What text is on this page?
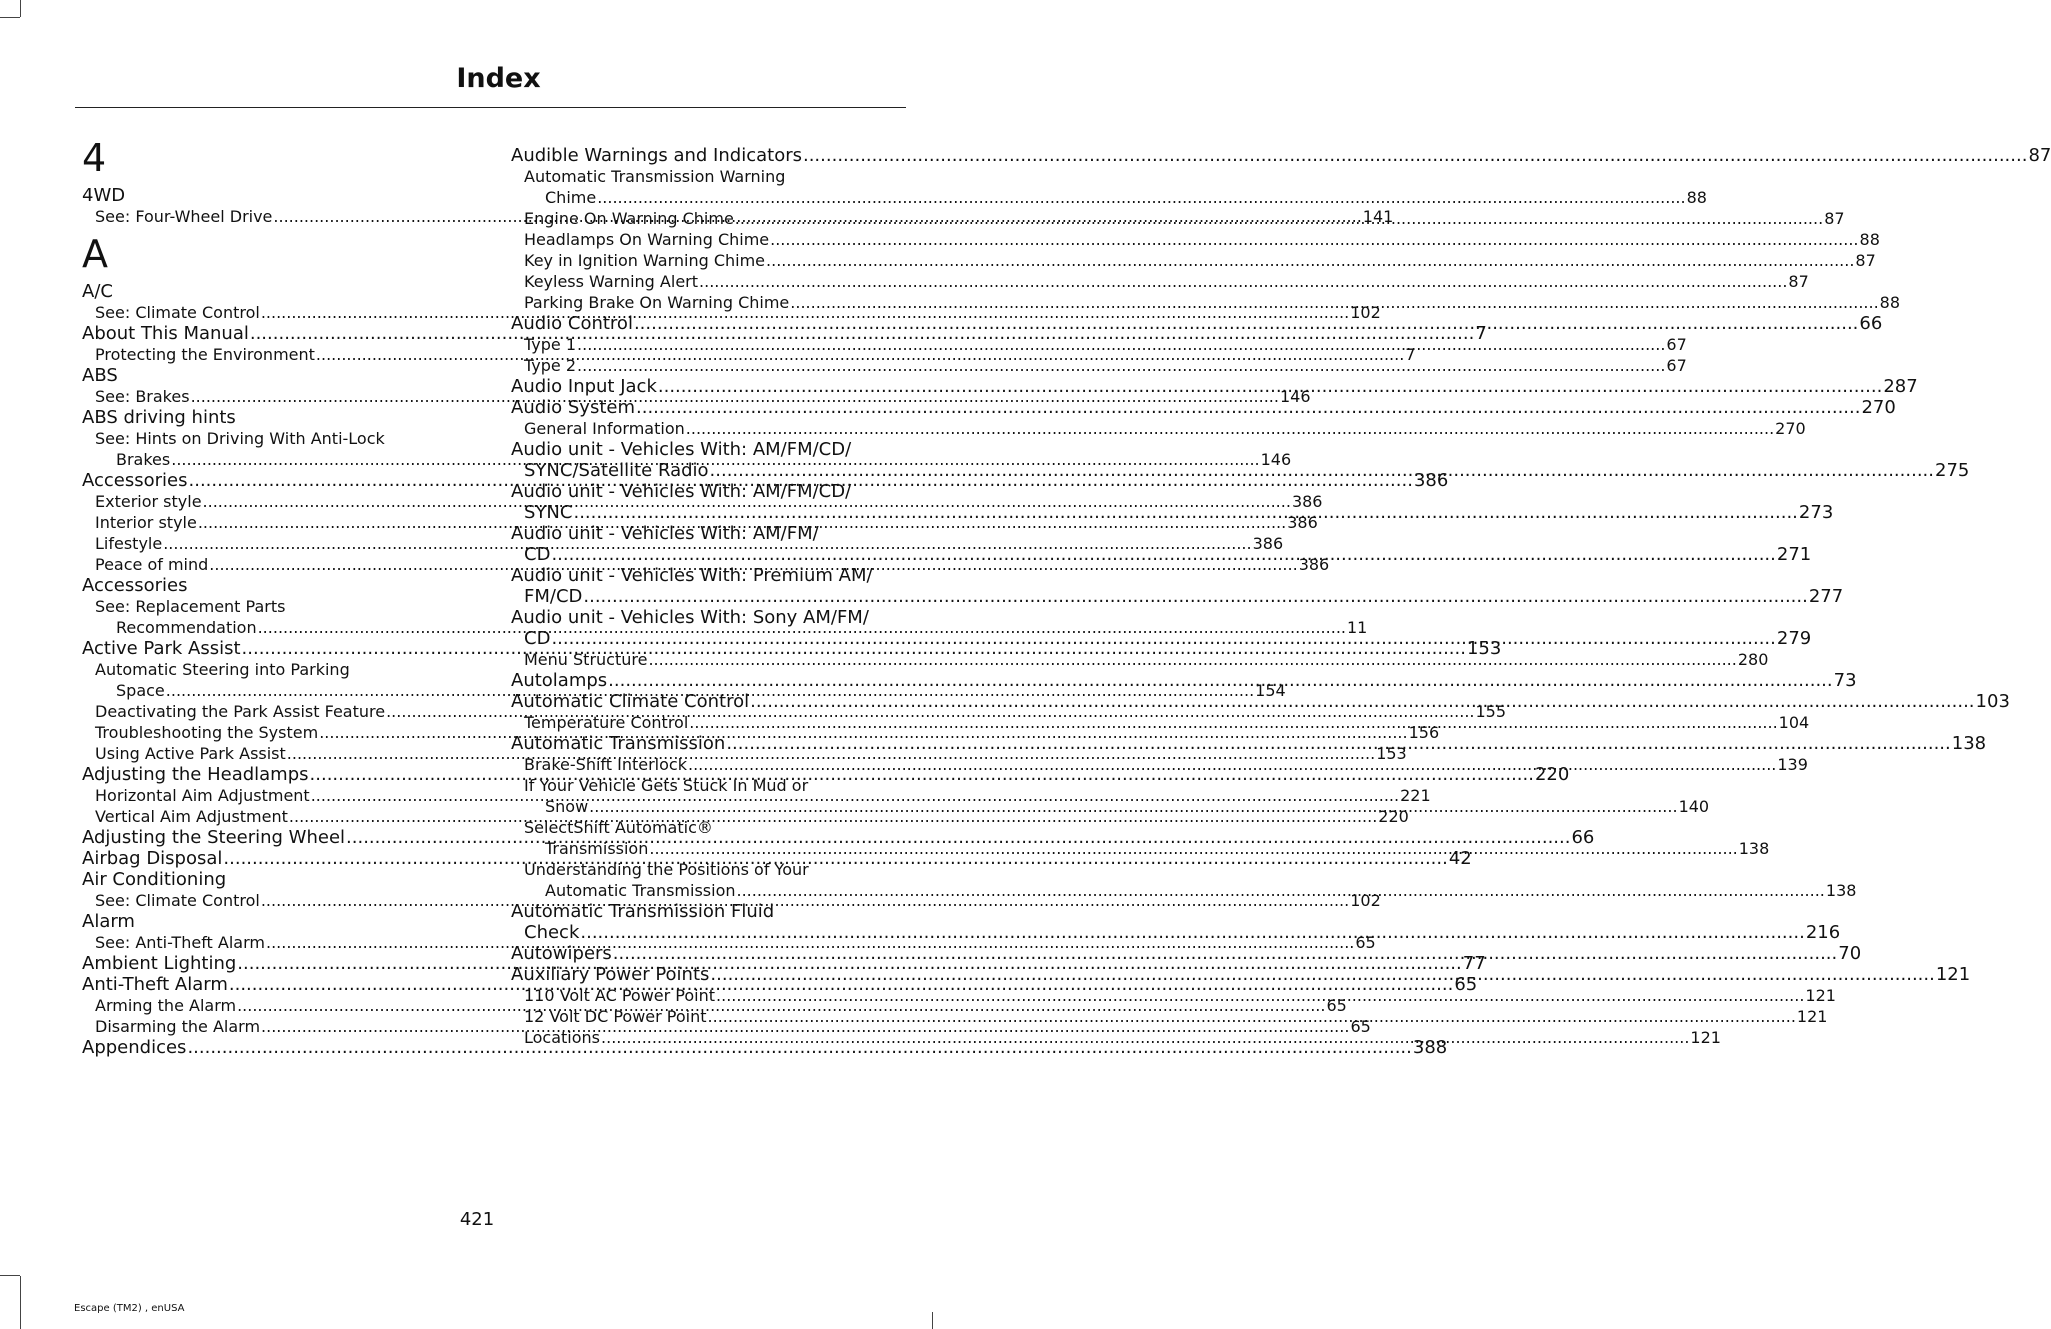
Index
4
4WD
See: Four-Wheel Drive .....	141
A
A/C
See: Climate Control .....	102
About This Manual .....	7
Protecting the Environment .....	7
ABS
See: Brakes .....	146
ABS driving hints
See: Hints on Driving With Anti-Lock
Brakes .....	146
Accessories .....	386
Exterior style .....	386
Interior style .....	386
Lifestyle .....	386
Peace of mind .....	386
Accessories
See: Replacement Parts
Recommendation .....	11
Active Park Assist .....	153
Automatic Steering into Parking
Space .....	154
Deactivating the Park Assist Feature .....	155
Troubleshooting the System .....	156
Using Active Park Assist .....	153
Adjusting the Headlamps .....	220
Horizontal Aim Adjustment .....	221
Vertical Aim Adjustment .....	220
Adjusting the Steering Wheel .....	66
Airbag Disposal .....	42
Air Conditioning
See: Climate Control .....	102
Alarm
See: Anti-Theft Alarm .....	65
Ambient Lighting .....	77
Anti-Theft Alarm .....	65
Arming the Alarm .....	65
Disarming the Alarm .....	65
Appendices .....	388
Audible Warnings and Indicators .....	87
Automatic Transmission Warning
Chime .....	88
Engine On Warning Chime .....	87
Headlamps On Warning Chime .....	88
Key in Ignition Warning Chime .....	87
Keyless Warning Alert .....	87
Parking Brake On Warning Chime .....	88
Audio Control .....	66
Type 1 .....	67
Type 2 .....	67
Audio Input Jack .....	287
Audio System .....	270
General Information .....	270
Audio unit - Vehicles With: AM/FM/CD/
SYNC/Satellite Radio .....	275
Audio unit - Vehicles With: AM/FM/CD/
SYNC .....	273
Audio unit - Vehicles With: AM/FM/
CD .....	271
Audio unit - Vehicles With: Premium AM/
FM/CD .....	277
Audio unit - Vehicles With: Sony AM/FM/
CD .....	279
Menu Structure .....	280
Autolamps .....	73
Automatic Climate Control .....	103
Temperature Control .....	104
Automatic Transmission .....	138
Brake-Shift Interlock .....	139
If Your Vehicle Gets Stuck In Mud or
Snow .....	140
SelectShift Automatic®
Transmission .....	138
Understanding the Positions of Your
Automatic Transmission .....	138
Automatic Transmission Fluid
Check .....	216
Autowipers .....	70
Auxiliary Power Points .....	121
110 Volt AC Power Point .....	121
12 Volt DC Power Point .....	121
Locations .....	121
421
Escape (TM2) , enUSA
